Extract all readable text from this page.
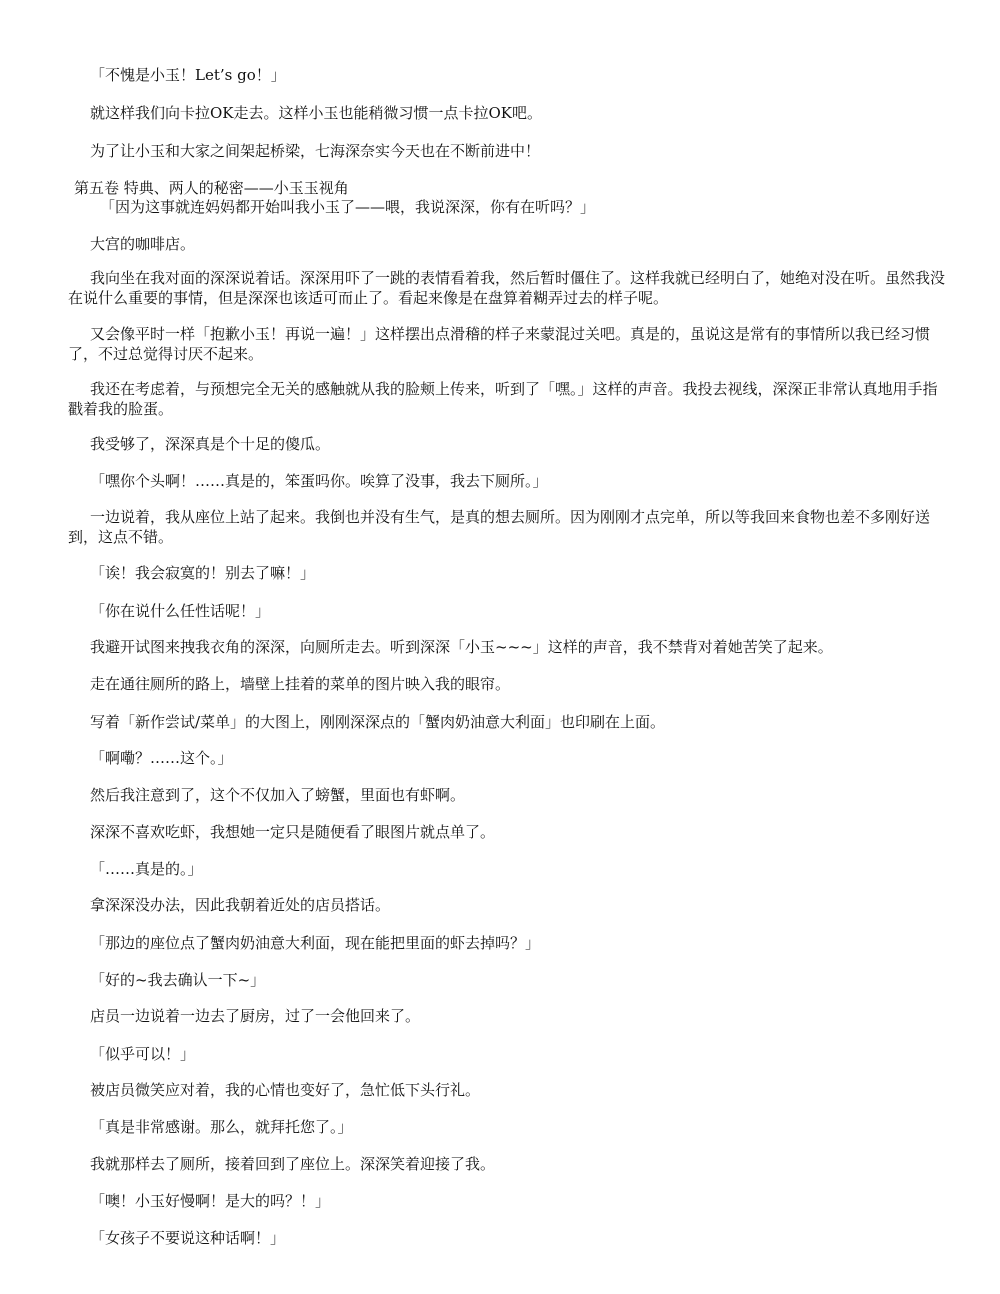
「不愧是小玉！Let’s go！」

就这样我们向卡拉OK走去。这样小玉也能稍微习惯一点卡拉OK吧。

为了让小玉和大家之间架起桥梁，七海深奈实今天也在不断前进中！

第五卷 特典、两人的秘密——小玉玉视角

「因为这事就连妈妈都开始叫我小玉了——喂，我说深深，你有在听吗？」

大宫的咖啡店。

我向坐在我对面的深深说着话。深深用吓了一跳的表情看着我，然后暂时僵住了。这样我就已经明白了，她绝对没在听。虽然我没在说什么重要的事情，但是深深也该适可而止了。看起来像是在盘算着糊弄过去的样子呢。

又会像平时一样「抱歉小玉！再说一遍！」这样摆出点滑稽的样子来蒙混过关吧。真是的，虽说这是常有的事情所以我已经习惯了，不过总觉得讨厌不起来。

我还在考虑着，与预想完全无关的感触就从我的脸颊上传来，听到了「嘿。」这样的声音。我投去视线，深深正非常认真地用手指戳着我的脸蛋。

我受够了，深深真是个十足的傻瓜。

「嘿你个头啊！……真是的，笨蛋吗你。唉算了没事，我去下厕所。」

一边说着，我从座位上站了起来。我倒也并没有生气，是真的想去厕所。因为刚刚才点完单，所以等我回来食物也差不多刚好送到，这点不错。

「诶！我会寂寞的！别去了嘛！」

「你在说什么任性话呢！」

我避开试图来拽我衣角的深深，向厕所走去。听到深深「小玉~~~」这样的声音，我不禁背对着她苦笑了起来。

走在通往厕所的路上，墙壁上挂着的菜单的图片映入我的眼帘。

写着「新作尝试/菜单」的大图上，刚刚深深点的「蟹肉奶油意大利面」也印刷在上面。

「啊嘞？……这个。」

然后我注意到了，这个不仅加入了螃蟹，里面也有虾啊。

深深不喜欢吃虾，我想她一定只是随便看了眼图片就点单了。

「……真是的。」

拿深深没办法，因此我朝着近处的店员搭话。

「那边的座位点了蟹肉奶油意大利面，现在能把里面的虾去掉吗？」

「好的~我去确认一下~」

店员一边说着一边去了厨房，过了一会他回来了。

「似乎可以！」

被店员微笑应对着，我的心情也变好了，急忙低下头行礼。

「真是非常感谢。那么，就拜托您了。」

我就那样去了厕所，接着回到了座位上。深深笑着迎接了我。

「噢！小玉好慢啊！是大的吗？！」

「女孩子不要说这种话啊！」
